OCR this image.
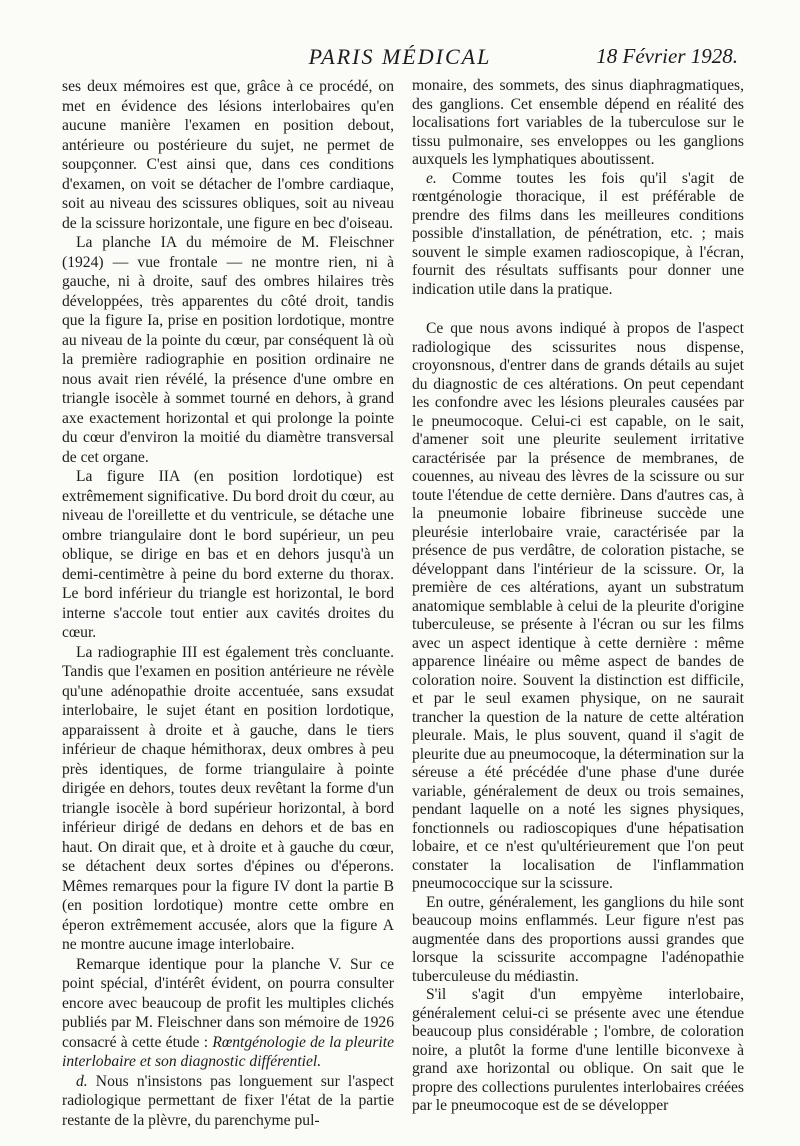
PARIS MÉDICAL	18 Février 1928.

ses deux mémoires est que, grâce à ce procédé, on met en évidence des lésions interlobaires qu'en aucune manière l'examen en position debout, antérieure ou postérieure du sujet, ne permet de soupçonner. C'est ainsi que, dans ces conditions d'examen, on voit se détacher de l'ombre cardiaque, soit au niveau des scissures obliques, soit au niveau de la scissure horizontale, une figure en bec d'oiseau.

La planche IA du mémoire de M. Fleischner (1924) — vue frontale — ne montre rien, ni à gauche, ni à droite, sauf des ombres hilaires très développées, très apparentes du côté droit, tandis que la figure Ia, prise en position lordotique, montre au niveau de la pointe du cœur, par conséquent là où la première radiographie en position ordinaire ne nous avait rien révélé, la présence d'une ombre en triangle isocèle à sommet tourné en dehors, à grand axe exactement horizontal et qui prolonge la pointe du cœur d'environ la moitié du diamètre transversal de cet organe.

La figure IIA (en position lordotique) est extrêmement significative. Du bord droit du cœur, au niveau de l'oreillette et du ventricule, se détache une ombre triangulaire dont le bord supérieur, un peu oblique, se dirige en bas et en dehors jusqu'à un demi-centimètre à peine du bord externe du thorax. Le bord inférieur du triangle est horizontal, le bord interne s'accole tout entier aux cavités droites du cœur.

La radiographie III est également très concluante. Tandis que l'examen en position antérieure ne révèle qu'une adénopathie droite accentuée, sans exsudat interlobaire, le sujet étant en position lordotique, apparaissent à droite et à gauche, dans le tiers inférieur de chaque hémithorax, deux ombres à peu près identiques, de forme triangulaire à pointe dirigée en dehors, toutes deux revêtant la forme d'un triangle isocèle à bord supérieur horizontal, à bord inférieur dirigé de dedans en dehors et de bas en haut. On dirait que, et à droite et à gauche du cœur, se détachent deux sortes d'épines ou d'éperons. Mêmes remarques pour la figure IV dont la partie B (en position lordotique) montre cette ombre en éperon extrêmement accusée, alors que la figure A ne montre aucune image interlobaire.

Remarque identique pour la planche V. Sur ce point spécial, d'intérêt évident, on pourra consulter encore avec beaucoup de profit les multiples clichés publiés par M. Fleischner dans son mémoire de 1926 consacré à cette étude : Rœntgénologie de la pleurite interlobaire et son diagnostic différentiel.

d. Nous n'insistons pas longuement sur l'aspect radiologique permettant de fixer l'état de la partie restante de la plèvre, du parenchyme pul-

monaire, des sommets, des sinus diaphragmatiques, des ganglions. Cet ensemble dépend en réalité des localisations fort variables de la tuberculose sur le tissu pulmonaire, ses enveloppes ou les ganglions auxquels les lymphatiques aboutissent.

e. Comme toutes les fois qu'il s'agit de rœntgénologie thoracique, il est préférable de prendre des films dans les meilleures conditions possible d'installation, de pénétration, etc. ; mais souvent le simple examen radioscopique, à l'écran, fournit des résultats suffisants pour donner une indication utile dans la pratique.

Ce que nous avons indiqué à propos de l'aspect radiologique des scissurites nous dispense, croyonsnous, d'entrer dans de grands détails au sujet du diagnostic de ces altérations. On peut cependant les confondre avec les lésions pleurales causées par le pneumocoque. Celui-ci est capable, on le sait, d'amener soit une pleurite seulement irritative caractérisée par la présence de membranes, de couennes, au niveau des lèvres de la scissure ou sur toute l'étendue de cette dernière. Dans d'autres cas, à la pneumonie lobaire fibrineuse succède une pleurésie interlobaire vraie, caractérisée par la présence de pus verdâtre, de coloration pistache, se développant dans l'intérieur de la scissure. Or, la première de ces altérations, ayant un substratum anatomique semblable à celui de la pleurite d'origine tuberculeuse, se présente à l'écran ou sur les films avec un aspect identique à cette dernière : même apparence linéaire ou même aspect de bandes de coloration noire. Souvent la distinction est difficile, et par le seul examen physique, on ne saurait trancher la question de la nature de cette altération pleurale. Mais, le plus souvent, quand il s'agit de pleurite due au pneumocoque, la détermination sur la séreuse a été précédée d'une phase d'une durée variable, généralement de deux ou trois semaines, pendant laquelle on a noté les signes physiques, fonctionnels ou radioscopiques d'une hépatisation lobaire, et ce n'est qu'ultérieurement que l'on peut constater la localisation de l'inflammation pneumococcique sur la scissure.

En outre, généralement, les ganglions du hile sont beaucoup moins enflammés. Leur figure n'est pas augmentée dans des proportions aussi grandes que lorsque la scissurite accompagne l'adénopathie tuberculeuse du médiastin.

S'il s'agit d'un empyème interlobaire, généralement celui-ci se présente avec une étendue beaucoup plus considérable ; l'ombre, de coloration noire, a plutôt la forme d'une lentille biconvexe à grand axe horizontal ou oblique. On sait que le propre des collections purulentes interlobaires créées par le pneumocoque est de se développer
